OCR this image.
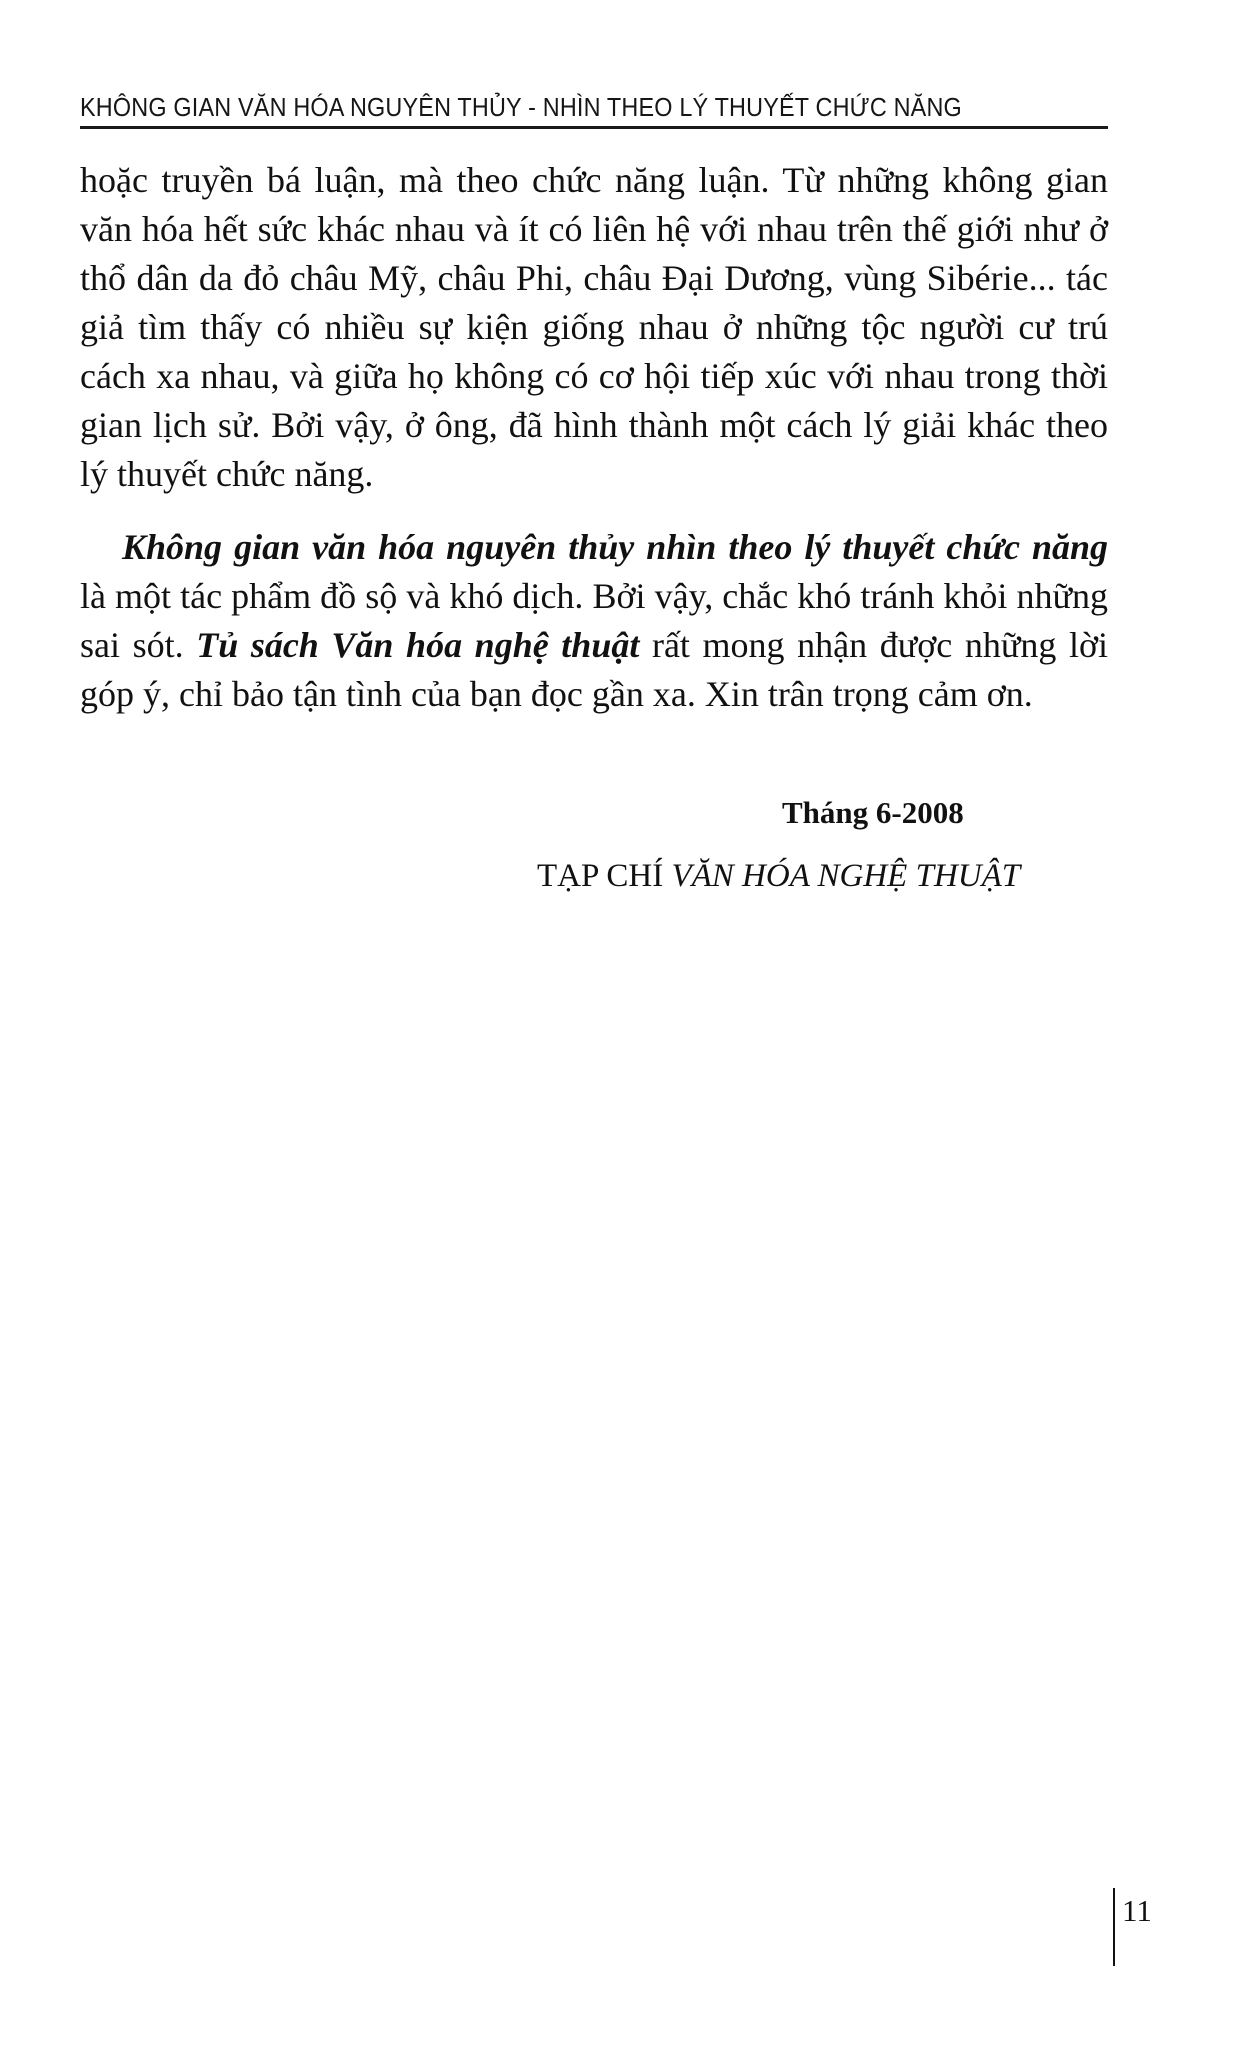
KHÔNG GIAN VĂN HÓA NGUYÊN THỦY - NHÌN THEO LÝ THUYẾT CHỨC NĂNG

hoặc truyền bá luận, mà theo chức năng luận. Từ những không gian văn hóa hết sức khác nhau và ít có liên hệ với nhau trên thế giới như ở thổ dân da đỏ châu Mỹ, châu Phi, châu Đại Dương, vùng Sibérie... tác giả tìm thấy có nhiều sự kiện giống nhau ở những tộc người cư trú cách xa nhau, và giữa họ không có cơ hội tiếp xúc với nhau trong thời gian lịch sử. Bởi vậy, ở ông, đã hình thành một cách lý giải khác theo lý thuyết chức năng.

Không gian văn hóa nguyên thủy nhìn theo lý thuyết chức năng là một tác phẩm đồ sộ và khó dịch. Bởi vậy, chắc khó tránh khỏi những sai sót. Tủ sách Văn hóa nghệ thuật rất mong nhận được những lời góp ý, chỉ bảo tận tình của bạn đọc gần xa. Xin trân trọng cảm ơn.

Tháng 6-2008
TẠP CHÍ VĂN HÓA NGHỆ THUẬT
11
